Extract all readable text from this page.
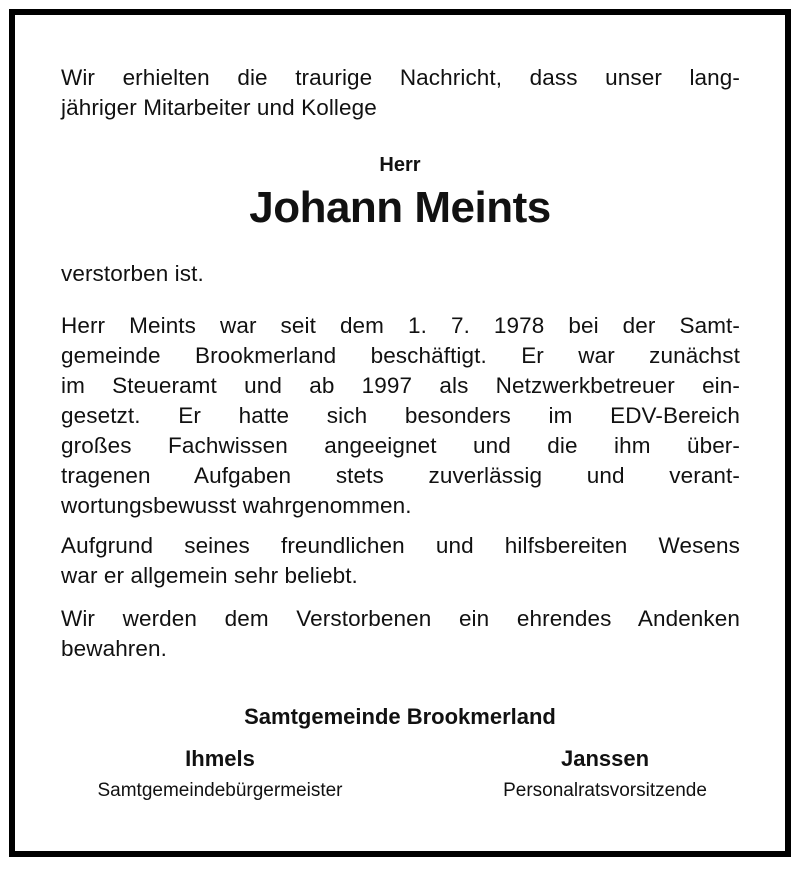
Wir erhielten die traurige Nachricht, dass unser lang-
jähriger Mitarbeiter und Kollege

Herr
Johann Meints

verstorben ist.

Herr Meints war seit dem 1. 7. 1978 bei der Samt-
gemeinde Brookmerland beschäftigt. Er war zunächst
im Steueramt und ab 1997 als Netzwerkbetreuer ein-
gesetzt. Er hatte sich besonders im EDV-Bereich
großes Fachwissen angeeignet und die ihm über-
tragenen Aufgaben stets zuverlässig und verant-
wortungsbewusst wahrgenommen.

Aufgrund seines freundlichen und hilfsbereiten Wesens
war er allgemein sehr beliebt.

Wir werden dem Verstorbenen ein ehrendes Andenken
bewahren.

Samtgemeinde Brookmerland
Ihmels
Samtgemeindebürgermeister
Janssen
Personalratsvorsitzende
